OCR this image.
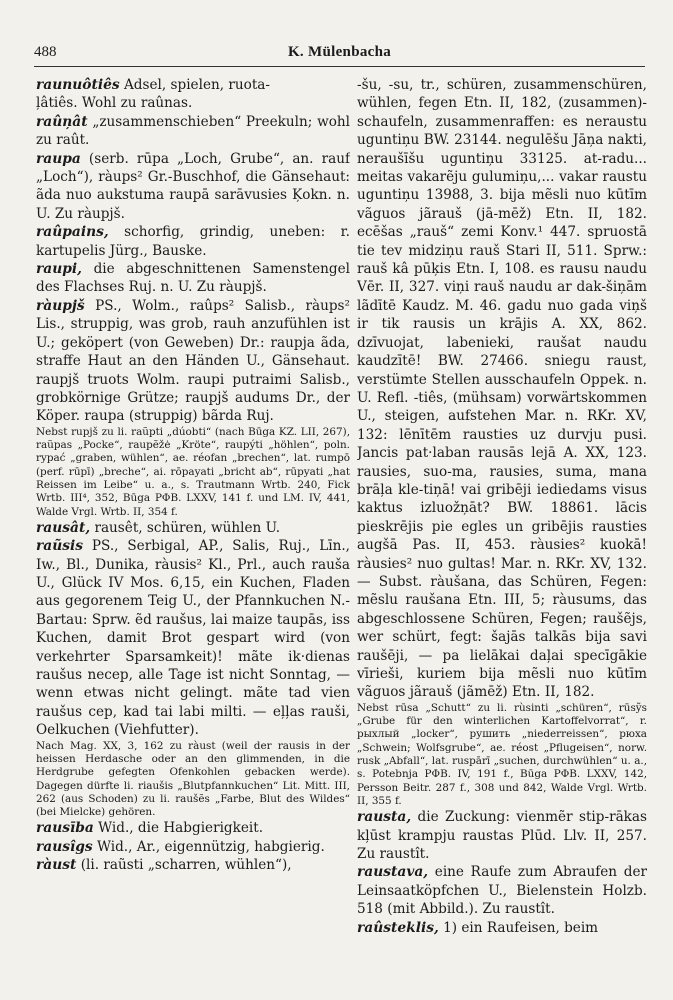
488	K. Mülenbacha

raunuôtiês Adsel, spielen, ruota-

ļâtiês. Wohl zu raûnas.

raûņât „zusammenschieben“ Preekuln; wohl zu raût.

raupa (serb. rūpa „Loch, Grube“, an. rauf „Loch“), ràups² Gr.-Buschhof, die Gänsehaut: ãda nuo aukstuma raupā sarāvusies Ķokn. n. U. Zu ràupjš.

raûpains, schorfig, grindig, uneben: r. kartupelis Jürg., Bauske.

raupi, die abgeschnittenen Samenstengel des Flachses Ruj. n. U. Zu ràupjš.

ràupjš PS., Wolm., raûps² Salisb., ràups² Lis., struppig, was grob, rauh anzufühlen ist U.; geköpert (von Geweben) Dr.: raupja ãda, straffe Haut an den Händen U., Gänsehaut. raupjš truots Wolm. raupi putraimi Salisb., grobkörnige Grütze; raupjš audums Dr., der Köper. raupa (struppig) bãrda Ruj.

Nebst rupjš zu li. raũpti „dúobti“ (nach Būga KZ. LII, 267), raũpas „Pocke“, raupẽžė „Kröte“, raupýti „höhlen“, poln. rypać „graben, wühlen“, ae. réofan „brechen“, lat. rumpō (perf. rūpī) „breche“, ai. rōpayati „bricht ab“, rūpyati „hat Reissen im Leibe“ u. a., s. Trautmann Wrtb. 240, Fick Wrtb. III⁴, 352, Būga PΦB. LXXV, 141 f. und LM. IV, 441, Walde Vrgl. Wrtb. II, 354 f.

rausât, rausêt, schüren, wühlen U.

raũsis PS., Serbigal, AP., Salis, Ruj., Līn., Iw., Bl., Dunika, ràusis² Kl., Prl., auch rauša U., Glück IV Mos. 6,15, ein Kuchen, Fladen aus gegorenem Teig U., der Pfannkuchen N.-Bartau: Sprw. ẽd raušus, lai maize taupās, iss Kuchen, damit Brot gespart wird (von verkehrter Sparsamkeit)! mãte ik·dienas raušus necep, alle Tage ist nicht Sonntag, — wenn etwas nicht gelingt. mãte tad vien raušus cep, kad tai labi milti. — eļļas rauši, Oelkuchen (Viehfutter).

Nach Mag. XX, 3, 162 zu ràust (weil der rausis in der heissen Herdasche oder an den glimmenden, in die Herdgrube gefegten Ofenkohlen gebacken werde). Dagegen dürfte li. riaušis „Blutpfannkuchen“ Lit. Mitt. III, 262 (aus Schoden) zu li. raušẽs „Farbe, Blut des Wildes“ (bei Mielcke) gehören.

rausība Wid., die Habgierigkeit.

rausîgs Wid., Ar., eigennützig, habgierig.

ràust (li. raũsti „scharren, wühlen“),

-šu, -su, tr., schüren, zusammenschüren, wühlen, fegen Etn. II, 182, (zusammen)-schaufeln, zusammenraffen: es neraustu uguntiņu BW. 23144. negulēšu Jāņa nakti, neraušīšu uguntiņu 33125. at-radu... meitas vakarẽju gulumiņu,... vakar raustu uguntiņu 13988, 3. bija mẽsli nuo kūtīm vãguos jãrauš (jā-mēž) Etn. II, 182. ecēšas „rauš“ zemi Konv.¹ 447. spruostā tie tev midziņu rauš Stari II, 511. Sprw.: rauš kâ pūķis Etn. I, 108. es rausu naudu Vēr. II, 327. viņi rauš naudu ar dak-šiņām lãdītē Kaudz. M. 46. gadu nuo gada viņš ir tik rausis un krājis A. XX, 862. dzīvuojat, labenieki, raušat naudu kaudzītē! BW. 27466. sniegu raust, verstümte Stellen ausschaufeln Oppek. n. U. Refl. -tiês, (mühsam) vorwärtskommen U., steigen, aufstehen Mar. n. RKr. XV, 132: lēnītēm rausties uz durvju pusi. Jancis pat·laban rausās lejā A. XX, 123. rausies, suo-ma, rausies, suma, mana brāļa kle-tiņā! vai gribēji iediedams visus kaktus izluožņāt? BW. 18861. lācis pieskrējis pie egles un gribējis rausties augšā Pas. II, 453. ràusies² kuokā! ràusies² nuo gultas! Mar. n. RKr. XV, 132. — Subst. ràušana, das Schüren, Fegen: mẽslu raušana Etn. III, 5; ràusums, das abgeschlossene Schüren, Fegen; raušẽjs, wer schürt, fegt: šajās talkās bija savi raušēji, — pa lielākai daļai specīgākie vīrieši, kuriem bija mẽsli nuo kūtīm vãguos jãrauš (jãmēž) Etn. II, 182.

Nebst rūsa „Schutt“ zu li. rùsinti „schüren“, rūsỹs „Grube für den winterlichen Kartoffelvorrat“, r. рыхлый „locker“, рушить „niederreissen“, рюха „Schwein; Wolfsgrube“, ae. réost „Pflugeisen“, norw. rusk „Abfall“, lat. ruspārī „suchen, durchwühlen“ u. a., s. Potebnja PΦB. IV, 191 f., Būga PΦB. LXXV, 142, Persson Beitr. 287 f., 308 und 842, Walde Vrgl. Wrtb. II, 355 f.

rausta, die Zuckung: vienmẽr stip-rākas kļūst krampju raustas Plūd. Llv. II, 257. Zu raustît.

raustava, eine Raufe zum Abraufen der Leinsaatköpfchen U., Bielenstein Holzb. 518 (mit Abbild.). Zu raustît.

raûsteklis, 1) ein Raufeisen, beim
